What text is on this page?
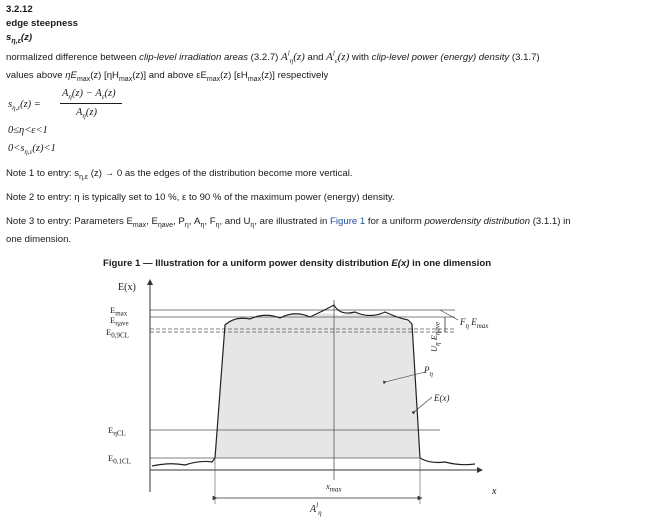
3.2.12
edge steepness
$s_{\eta,\varepsilon}(z)$
normalized difference between clip-level irradiation areas (3.2.7) $A^l_\eta(z)$ and $A^l_\varepsilon(z)$ with clip-level power (energy) density (3.1.7)
values above $\eta E_{max}(z)$ $[\eta H_{max}(z)]$ and above $\varepsilon E_{max}(z)$ $[\varepsilon H_{max}(z)]$ respectively
$s_{\eta,\varepsilon}(z)$ =
$A_\eta(z) - A_\varepsilon(z)$
$A_\eta(z)$
0≤η<ε<1
$0<s_{\eta,\varepsilon}(z)<1$
Note 1 to entry: $s_{\eta,\varepsilon}$ (z) → 0 as the edges of the distribution become more vertical.
Note 2 to entry: η is typically set to 10 %, ε to 90 % of the maximum power (energy) density.
Note 3 to entry: Parameters $E_{max}$, $E_{\eta ave}$, $P_\eta$, $A_\eta$, $F_\eta$, and $U_\eta$, are illustrated in Figure 1 for a uniform powerdensity distribution (3.1.1) in
one dimension.
Figure 1 — Illustration for a uniform power density distribution E(x) in one dimension
E(x)
x
$E_{max}$
$E_{\eta ave}$
$E_{0,9CL}$
$E_{\eta CL}$
$E_{0,1CL}$
$F_\eta$ $E_{max}$
$U_\eta$ $E_{\eta ave}$
$P_\eta$
E(x)
$x_{max}$
$A^l_\eta$
